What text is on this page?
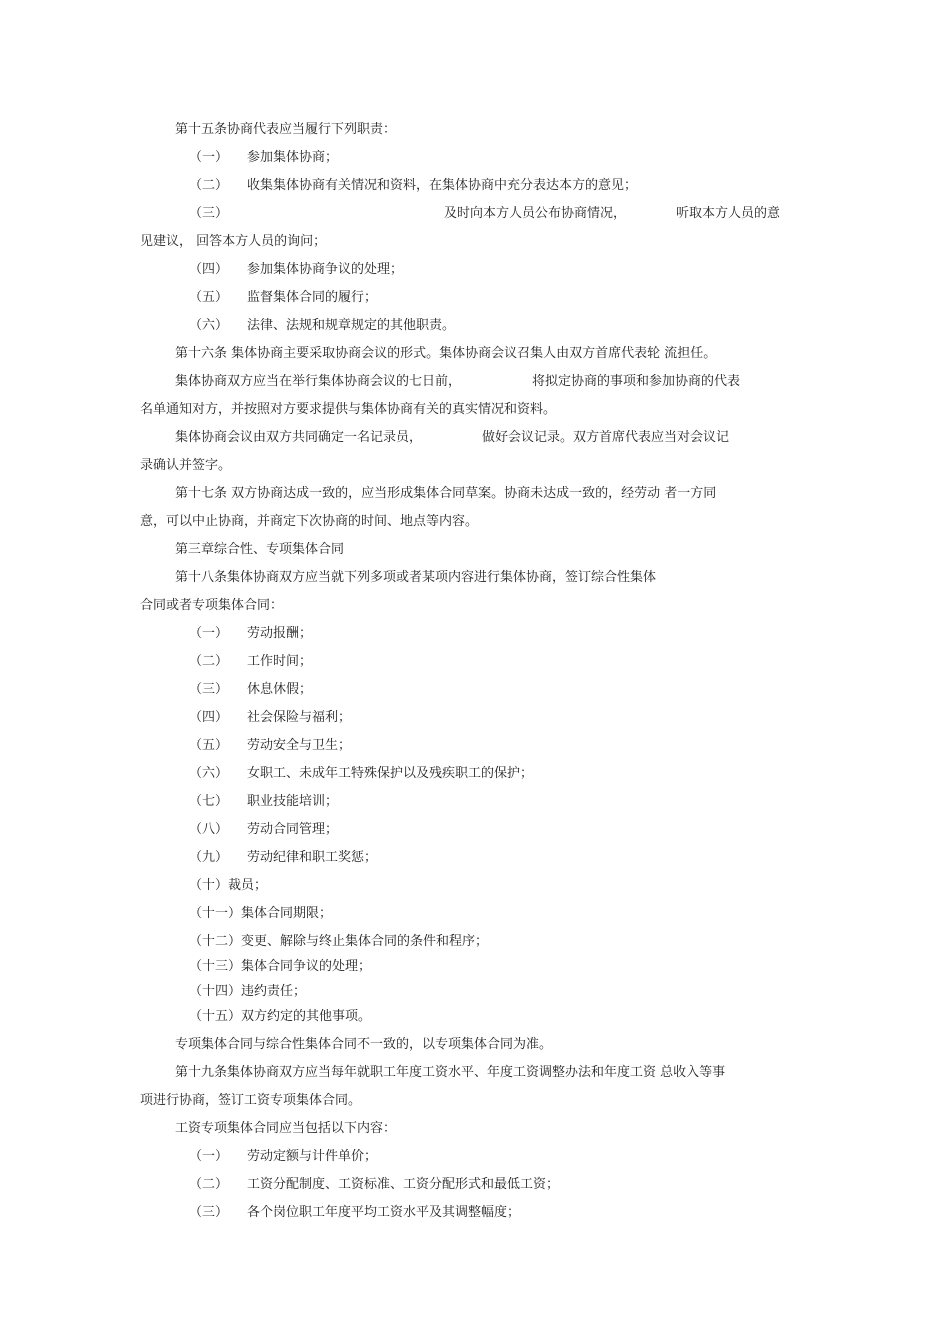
第十五条协商代表应当履行下列职责：
（一） 参加集体协商；
（二） 收集集体协商有关情况和资料，在集体协商中充分表达本方的意见；
（三）	及时向本方人员公布协商情况，	听取本方人员的意
见建议， 回答本方人员的询问；
（四） 参加集体协商争议的处理；
（五） 监督集体合同的履行；
（六） 法律、法规和规章规定的其他职责。
第十六条 集体协商主要采取协商会议的形式。集体协商会议召集人由双方首席代表轮 流担任。
集体协商双方应当在举行集体协商会议的七日前，	将拟定协商的事项和参加协商的代表
名单通知对方，并按照对方要求提供与集体协商有关的真实情况和资料。
集体协商会议由双方共同确定一名记录员，	做好会议记录。双方首席代表应当对会议记
录确认并签字。
第十七条 双方协商达成一致的，应当形成集体合同草案。协商未达成一致的，经劳动 者一方同
意，可以中止协商，并商定下次协商的时间、地点等内容。
第三章综合性、专项集体合同
第十八条集体协商双方应当就下列多项或者某项内容进行集体协商，签订综合性集体
合同或者专项集体合同：
（一） 劳动报酬；
（二） 工作时间；
（三） 休息休假；
（四） 社会保险与福利；
（五） 劳动安全与卫生；
（六） 女职工、未成年工特殊保护以及残疾职工的保护；
（七） 职业技能培训；
（八） 劳动合同管理；
（九） 劳动纪律和职工奖惩；
（十）裁员；
（十一）集体合同期限；
（十二）变更、解除与终止集体合同的条件和程序；
（十三）集体合同争议的处理；
（十四）违约责任；
（十五）双方约定的其他事项。
专项集体合同与综合性集体合同不一致的，以专项集体合同为准。
第十九条集体协商双方应当每年就职工年度工资水平、年度工资调整办法和年度工资 总收入等事
项进行协商，签订工资专项集体合同。
工资专项集体合同应当包括以下内容：
（一） 劳动定额与计件单价；
（二） 工资分配制度、工资标准、工资分配形式和最低工资；
（三） 各个岗位职工年度平均工资水平及其调整幅度；
